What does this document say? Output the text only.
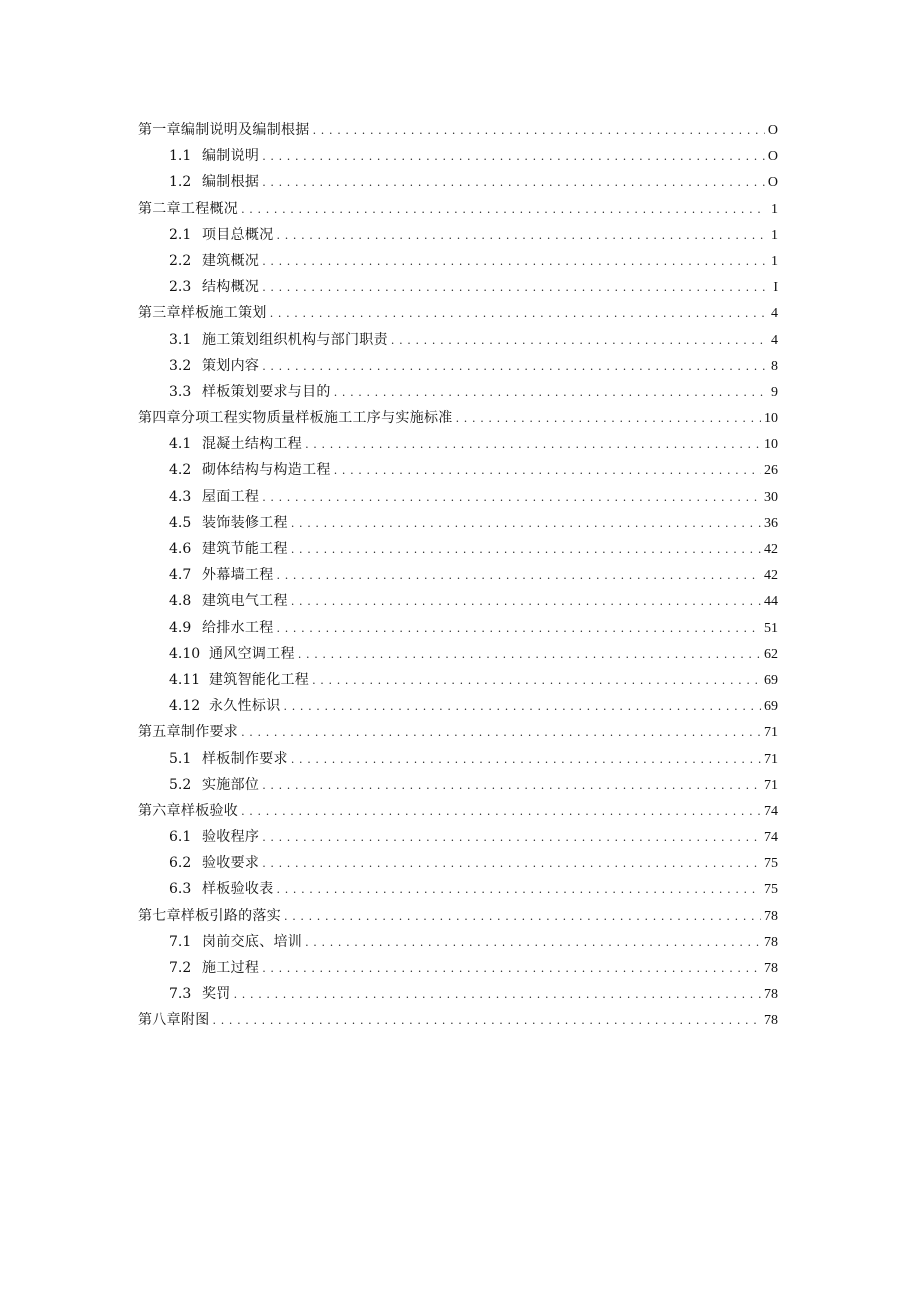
第一章编制说明及编制根据 . . .	O
1.1 编制说明 . . .	O
1.2 编制根据 . . .	O
第二章工程概况 . . .	1
2.1 项目总概况 . . .	1
2.2 建筑概况 . . .	1
2.3 结构概况 . . .	I
第三章样板施工策划 . . .	4
3.1 施工策划组织机构与部门职责 . . .	4
3.2 策划内容 . . .	8
3.3 样板策划要求与目的 . . .	9
第四章分项工程实物质量样板施工工序与实施标准 . . .	10
4.1 混凝土结构工程 . . .	10
4.2 砌体结构与构造工程 . . .	26
4.3 屋面工程 . . .	30
4.5 装饰装修工程 . . .	36
4.6 建筑节能工程 . . .	42
4.7 外幕墙工程 . . .	42
4.8 建筑电气工程 . . .	44
4.9 给排水工程 . . .	51
4.10 通风空调工程 . . .	62
4.11 建筑智能化工程 . . .	69
4.12 永久性标识 . . .	69
第五章制作要求 . . .	71
5.1 样板制作要求 . . .	71
5.2 实施部位 . . .	71
第六章样板验收 . . .	74
6.1 验收程序 . . .	74
6.2 验收要求 . . .	75
6.3 样板验收表 . . .	75
第七章样板引路的落实 . . .	78
7.1 岗前交底、培训 . . .	78
7.2 施工过程 . . .	78
7.3 奖罚 . . .	78
第八章附图 . . .	78
